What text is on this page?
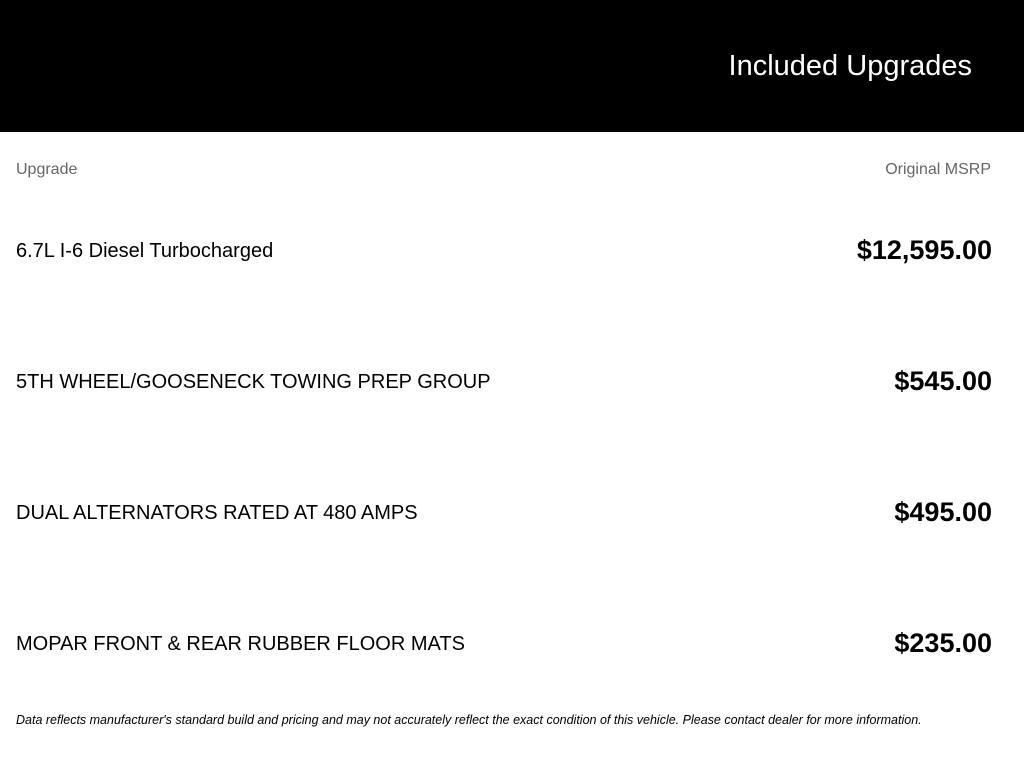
Included Upgrades
Upgrade	Original MSRP
6.7L I-6 Diesel Turbocharged	$12,595.00
5TH WHEEL/GOOSENECK TOWING PREP GROUP	$545.00
DUAL ALTERNATORS RATED AT 480 AMPS	$495.00
MOPAR FRONT & REAR RUBBER FLOOR MATS	$235.00
Data reflects manufacturer's standard build and pricing and may not accurately reflect the exact condition of this vehicle. Please contact dealer for more information.
